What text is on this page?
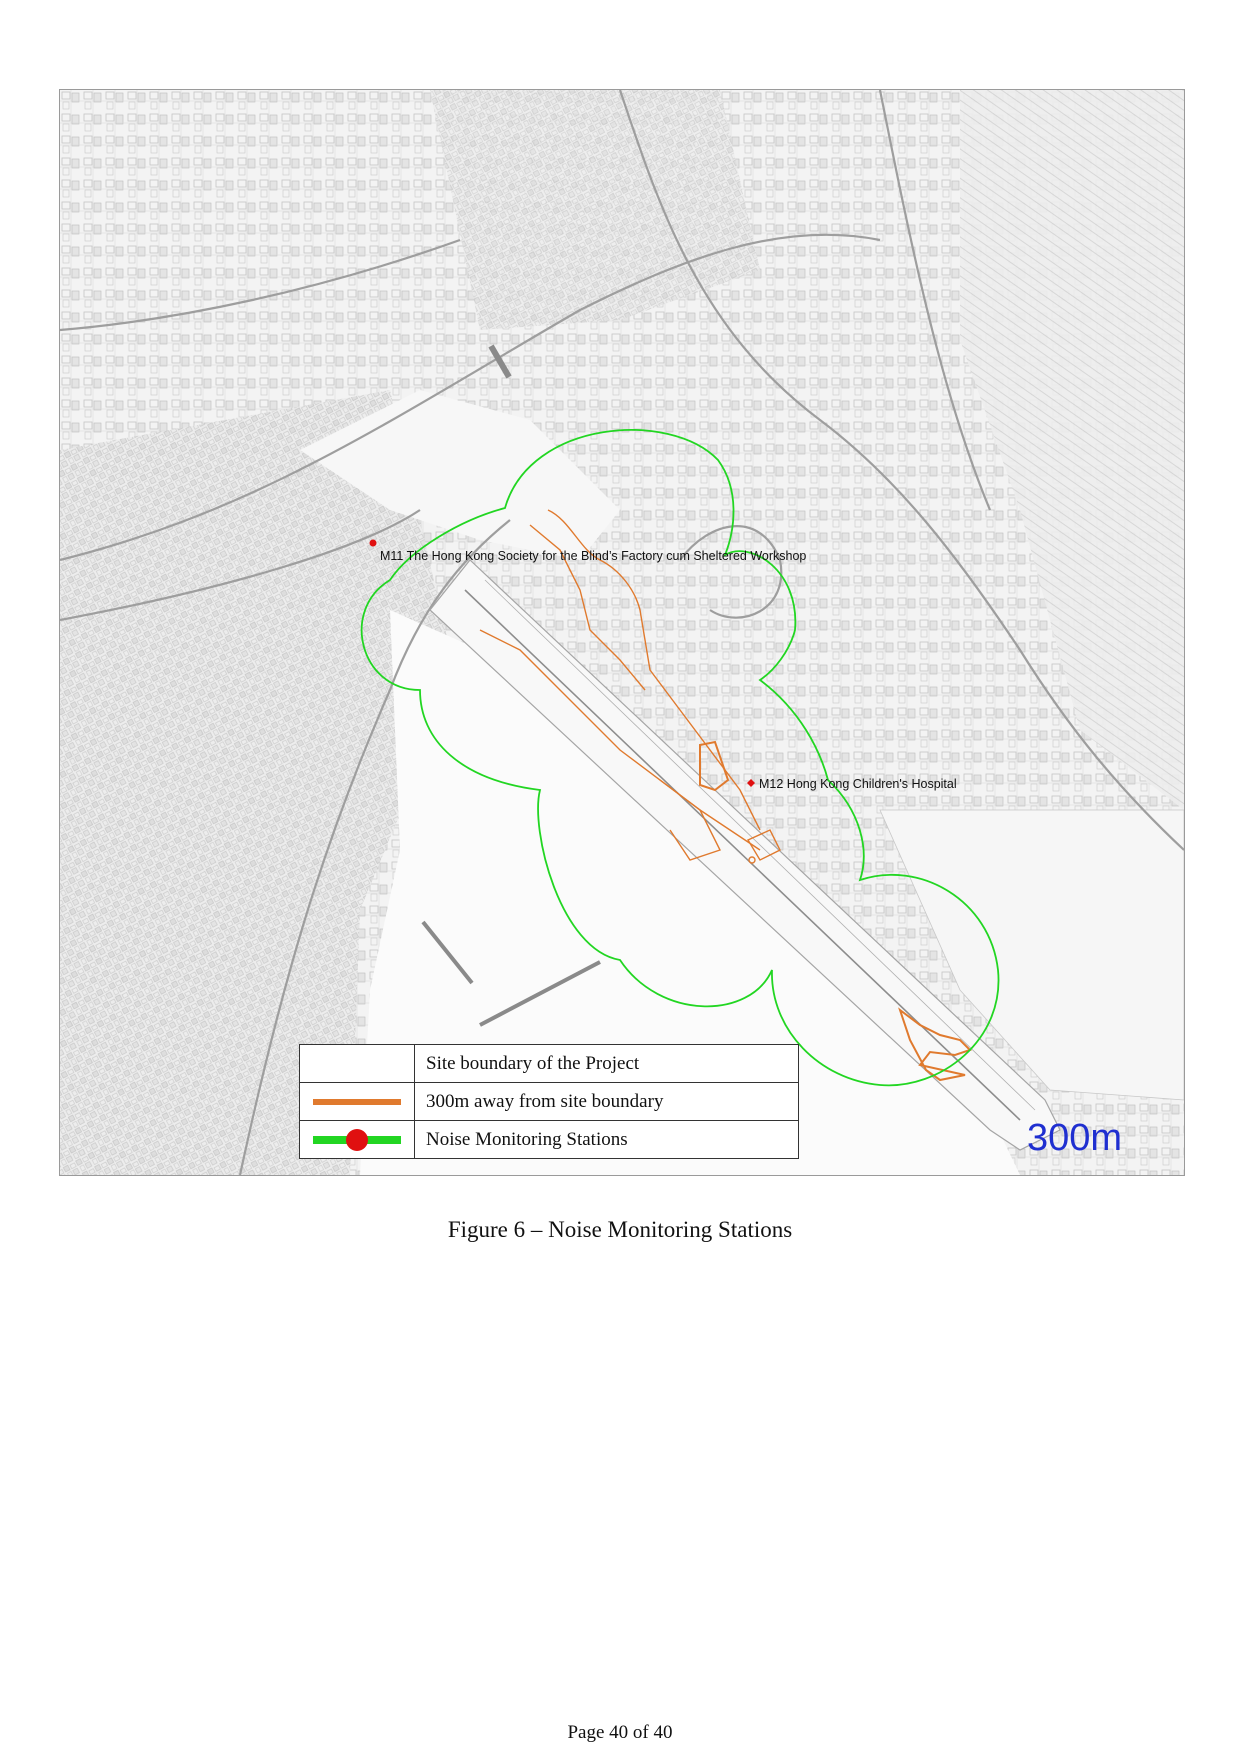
M11 The Hong Kong Society for the Blind’s Factory cum Sheltered Workshop
M12 Hong Kong Children's Hospital
300m
	Site boundary of the Project

	300m away from site boundary

	Noise Monitoring Stations
Figure 6 – Noise Monitoring Stations
Page 40 of 40
